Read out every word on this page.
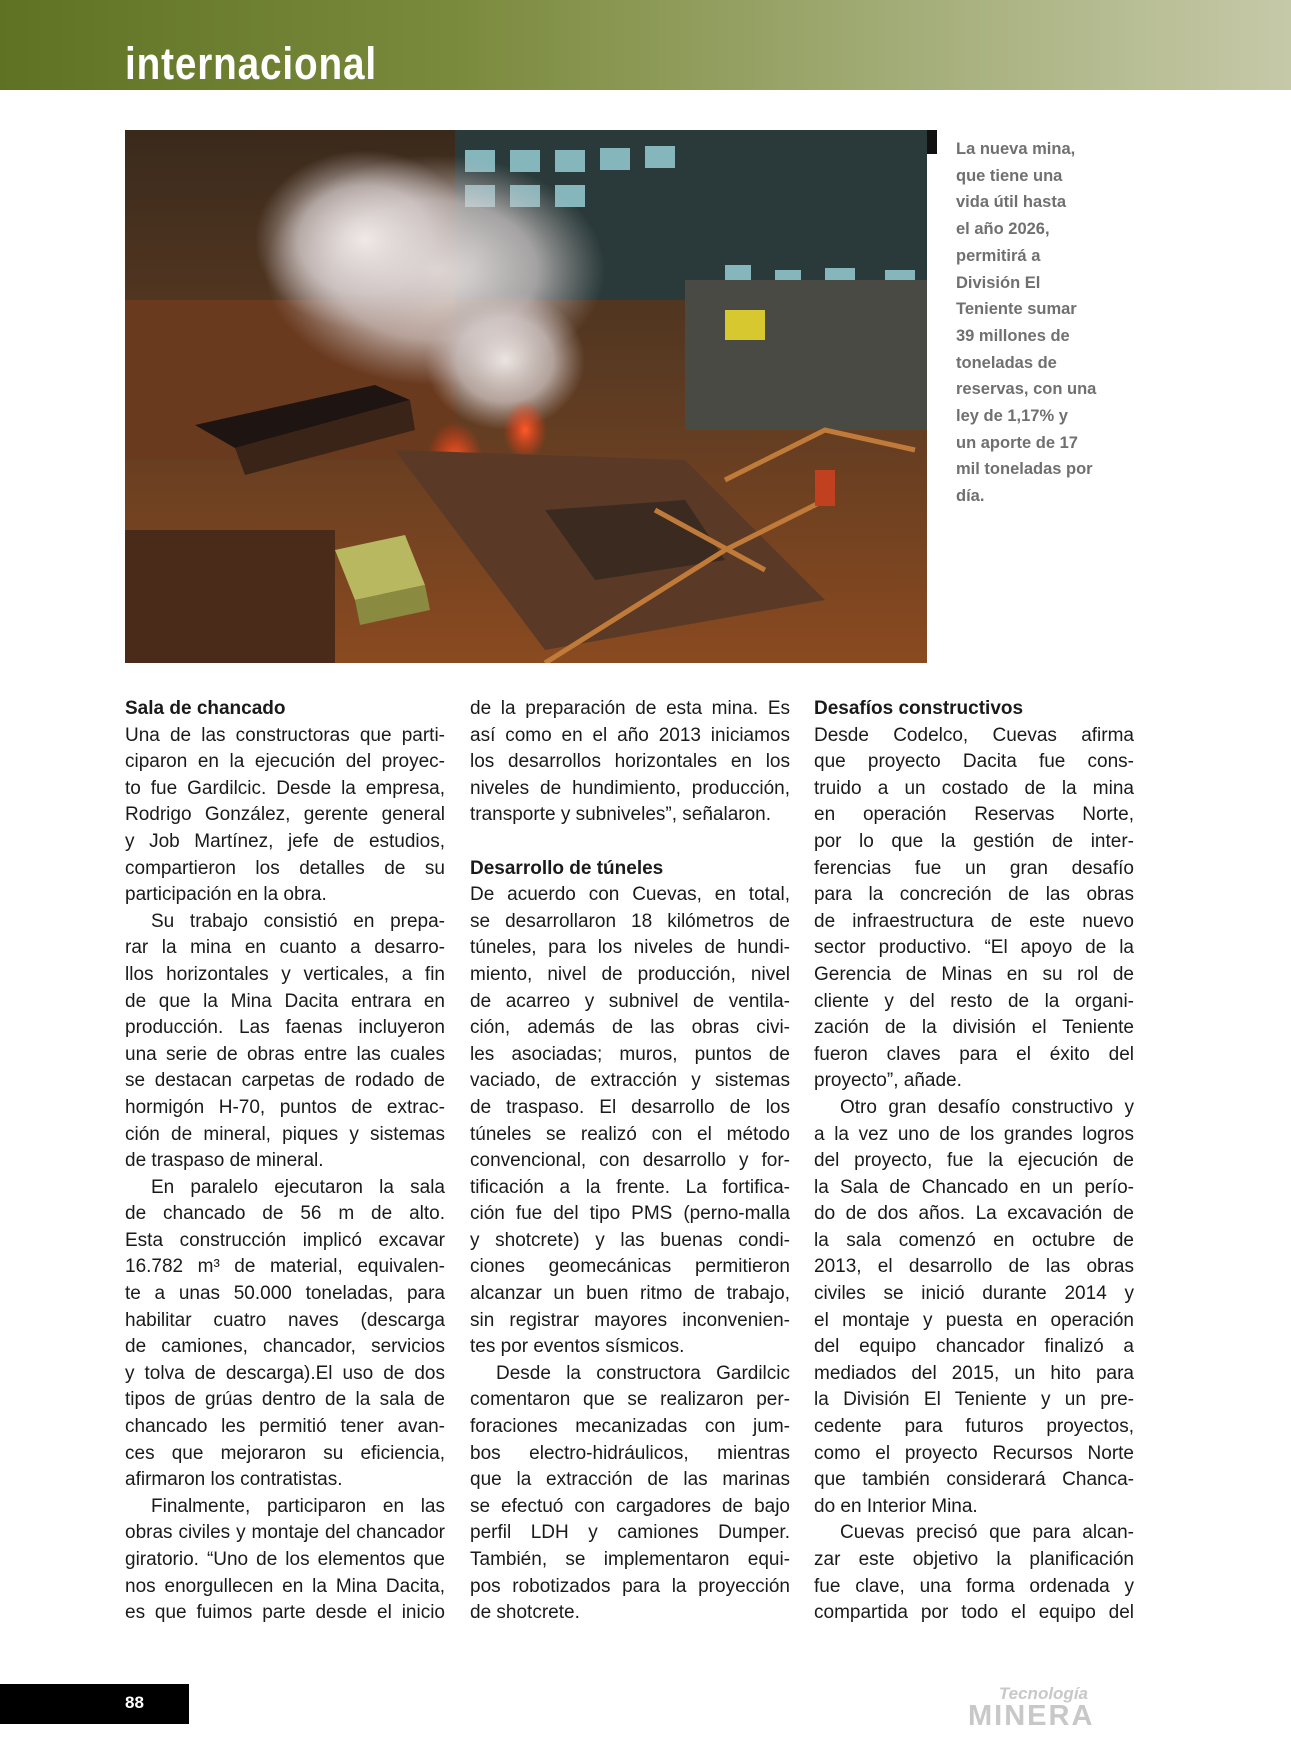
internacional
La nueva mina,
que tiene una
vida útil hasta
el año 2026,
permitirá a
División El
Teniente sumar
39 millones de
toneladas de
reservas, con una
ley de 1,17% y
un aporte de 17
mil toneladas por
día.
Sala de chancado
Una de las constructoras que parti-
ciparon en la ejecución del proyec-
to fue Gardilcic. Desde la empresa,
Rodrigo González, gerente general
y Job Martínez, jefe de estudios,
compartieron los detalles de su
participación en la obra.
Su trabajo consistió en prepa-
rar la mina en cuanto a desarro-
llos horizontales y verticales, a fin
de que la Mina Dacita entrara en
producción. Las faenas incluyeron
una serie de obras entre las cuales
se destacan carpetas de rodado de
hormigón H-70, puntos de extrac-
ción de mineral, piques y sistemas
de traspaso de mineral.
En paralelo ejecutaron la sala
de chancado de 56 m de alto.
Esta construcción implicó excavar
16.782 m³ de material, equivalen-
te a unas 50.000 toneladas, para
habilitar cuatro naves (descarga
de camiones, chancador, servicios
y tolva de descarga).El uso de dos
tipos de grúas dentro de la sala de
chancado les permitió tener avan-
ces que mejoraron su eficiencia,
afirmaron los contratistas.
Finalmente, participaron en las
obras civiles y montaje del chancador
giratorio. “Uno de los elementos que
nos enorgullecen en la Mina Dacita,
es que fuimos parte desde el inicio
de la preparación de esta mina. Es
así como en el año 2013 iniciamos
los desarrollos horizontales en los
niveles de hundimiento, producción,
transporte y subniveles”, señalaron.
Desarrollo de túneles
De acuerdo con Cuevas, en total,
se desarrollaron 18 kilómetros de
túneles, para los niveles de hundi-
miento, nivel de producción, nivel
de acarreo y subnivel de ventila-
ción, además de las obras civi-
les asociadas; muros, puntos de
vaciado, de extracción y sistemas
de traspaso. El desarrollo de los
túneles se realizó con el método
convencional, con desarrollo y for-
tificación a la frente. La fortifica-
ción fue del tipo PMS (perno-malla
y shotcrete) y las buenas condi-
ciones geomecánicas permitieron
alcanzar un buen ritmo de trabajo,
sin registrar mayores inconvenien-
tes por eventos sísmicos.
Desde la constructora Gardilcic
comentaron que se realizaron per-
foraciones mecanizadas con jum-
bos electro-hidráulicos, mientras
que la extracción de las marinas
se efectuó con cargadores de bajo
perfil LDH y camiones Dumper.
También, se implementaron equi-
pos robotizados para la proyección
de shotcrete.
Desafíos constructivos
Desde Codelco, Cuevas afirma
que proyecto Dacita fue cons-
truido a un costado de la mina
en operación Reservas Norte,
por lo que la gestión de inter-
ferencias fue un gran desafío
para la concreción de las obras
de infraestructura de este nuevo
sector productivo. “El apoyo de la
Gerencia de Minas en su rol de
cliente y del resto de la organi-
zación de la división el Teniente
fueron claves para el éxito del
proyecto”, añade.
Otro gran desafío constructivo y
a la vez uno de los grandes logros
del proyecto, fue la ejecución de
la Sala de Chancado en un perío-
do de dos años. La excavación de
la sala comenzó en octubre de
2013, el desarrollo de las obras
civiles se inició durante 2014 y
el montaje y puesta en operación
del equipo chancador finalizó a
mediados del 2015, un hito para
la División El Teniente y un pre-
cedente para futuros proyectos,
como el proyecto Recursos Norte
que también considerará Chanca-
do en Interior Mina.
Cuevas precisó que para alcan-
zar este objetivo la planificación
fue clave, una forma ordenada y
compartida por todo el equipo del
88	Tecnología
MINERA
